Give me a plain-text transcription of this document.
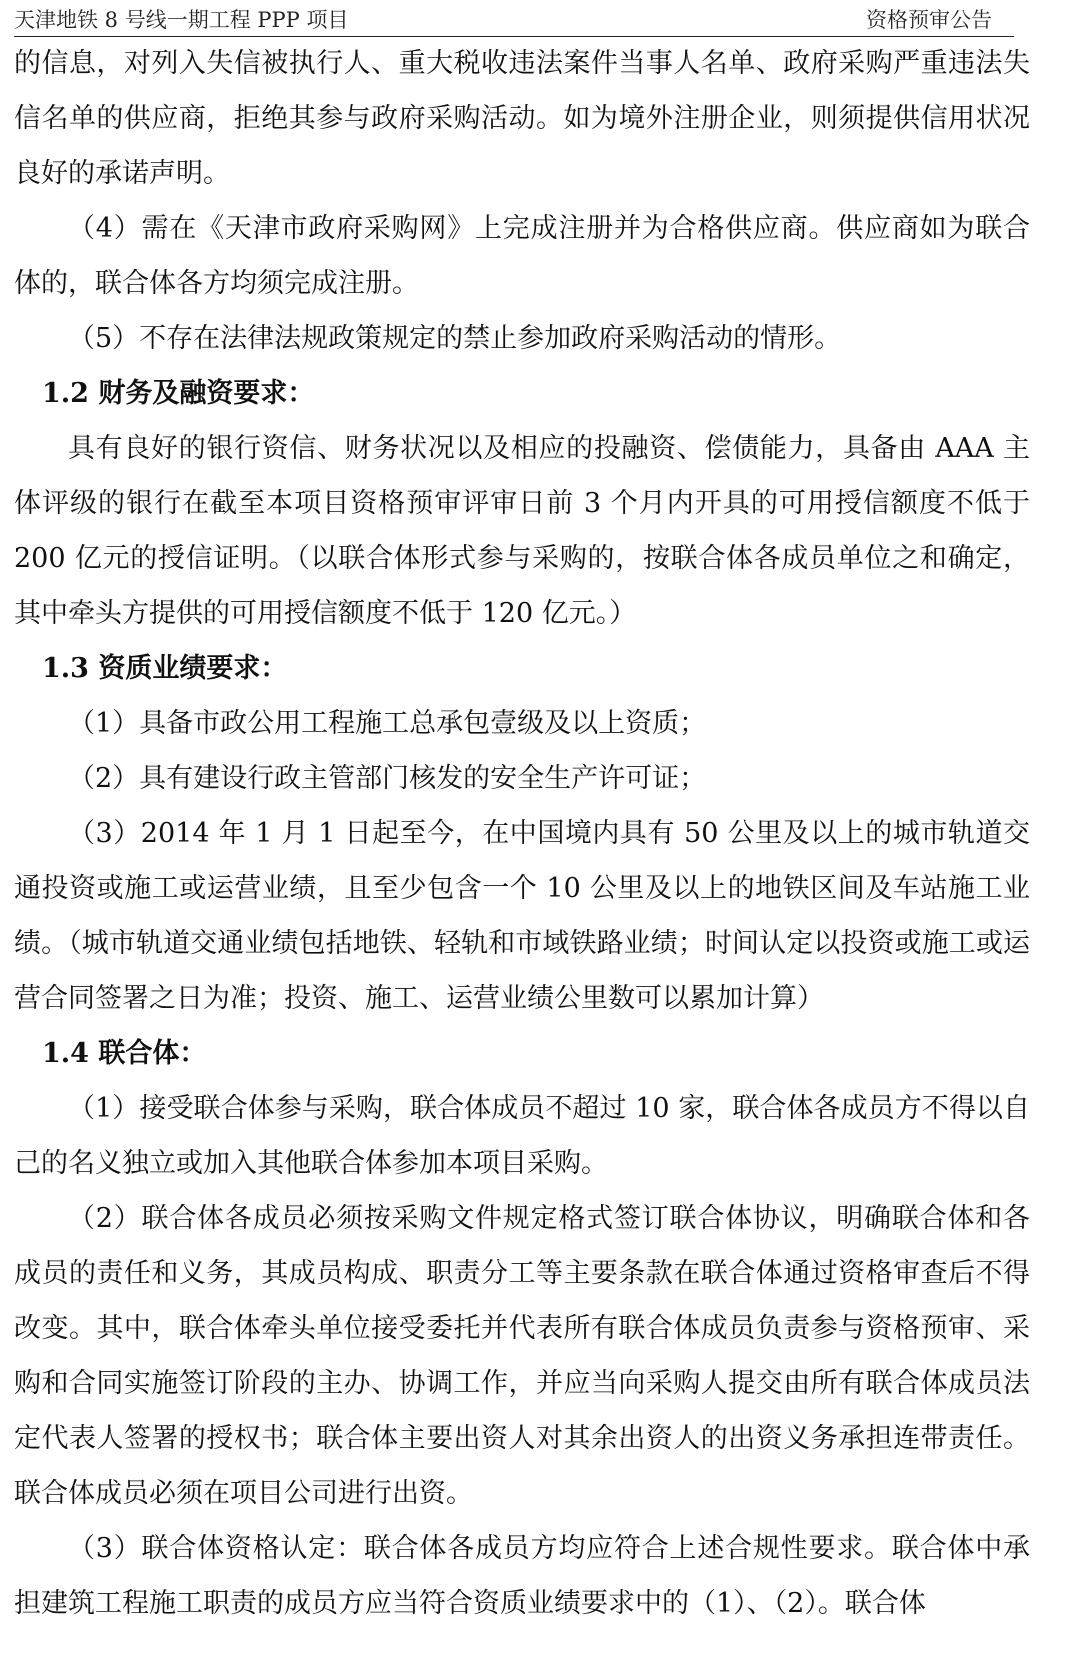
天津地铁 8 号线一期工程 PPP 项目	资格预审公告

的信息，对列入失信被执行人、重大税收违法案件当事人名单、政府采购严重违法失信名单的供应商，拒绝其参与政府采购活动。如为境外注册企业，则须提供信用状况良好的承诺声明。

（4）需在《天津市政府采购网》上完成注册并为合格供应商。供应商如为联合体的，联合体各方均须完成注册。

（5）不存在法律法规政策规定的禁止参加政府采购活动的情形。

1.2 财务及融资要求：

具有良好的银行资信、财务状况以及相应的投融资、偿债能力，具备由 AAA 主体评级的银行在截至本项目资格预审评审日前 3 个月内开具的可用授信额度不低于 200 亿元的授信证明。（以联合体形式参与采购的，按联合体各成员单位之和确定，其中牵头方提供的可用授信额度不低于 120 亿元。）

1.3 资质业绩要求：

（1）具备市政公用工程施工总承包壹级及以上资质；

（2）具有建设行政主管部门核发的安全生产许可证；

（3）2014 年 1 月 1 日起至今，在中国境内具有 50 公里及以上的城市轨道交通投资或施工或运营业绩，且至少包含一个 10 公里及以上的地铁区间及车站施工业绩。（城市轨道交通业绩包括地铁、轻轨和市域铁路业绩；时间认定以投资或施工或运营合同签署之日为准；投资、施工、运营业绩公里数可以累加计算）

1.4 联合体：

（1）接受联合体参与采购，联合体成员不超过 10 家，联合体各成员方不得以自己的名义独立或加入其他联合体参加本项目采购。

（2）联合体各成员必须按采购文件规定格式签订联合体协议，明确联合体和各成员的责任和义务，其成员构成、职责分工等主要条款在联合体通过资格审查后不得改变。其中，联合体牵头单位接受委托并代表所有联合体成员负责参与资格预审、采购和合同实施签订阶段的主办、协调工作，并应当向采购人提交由所有联合体成员法定代表人签署的授权书；联合体主要出资人对其余出资人的出资义务承担连带责任。联合体成员必须在项目公司进行出资。

（3）联合体资格认定：联合体各成员方均应符合上述合规性要求。联合体中承担建筑工程施工职责的成员方应当符合资质业绩要求中的（1）、（2）。联合体
